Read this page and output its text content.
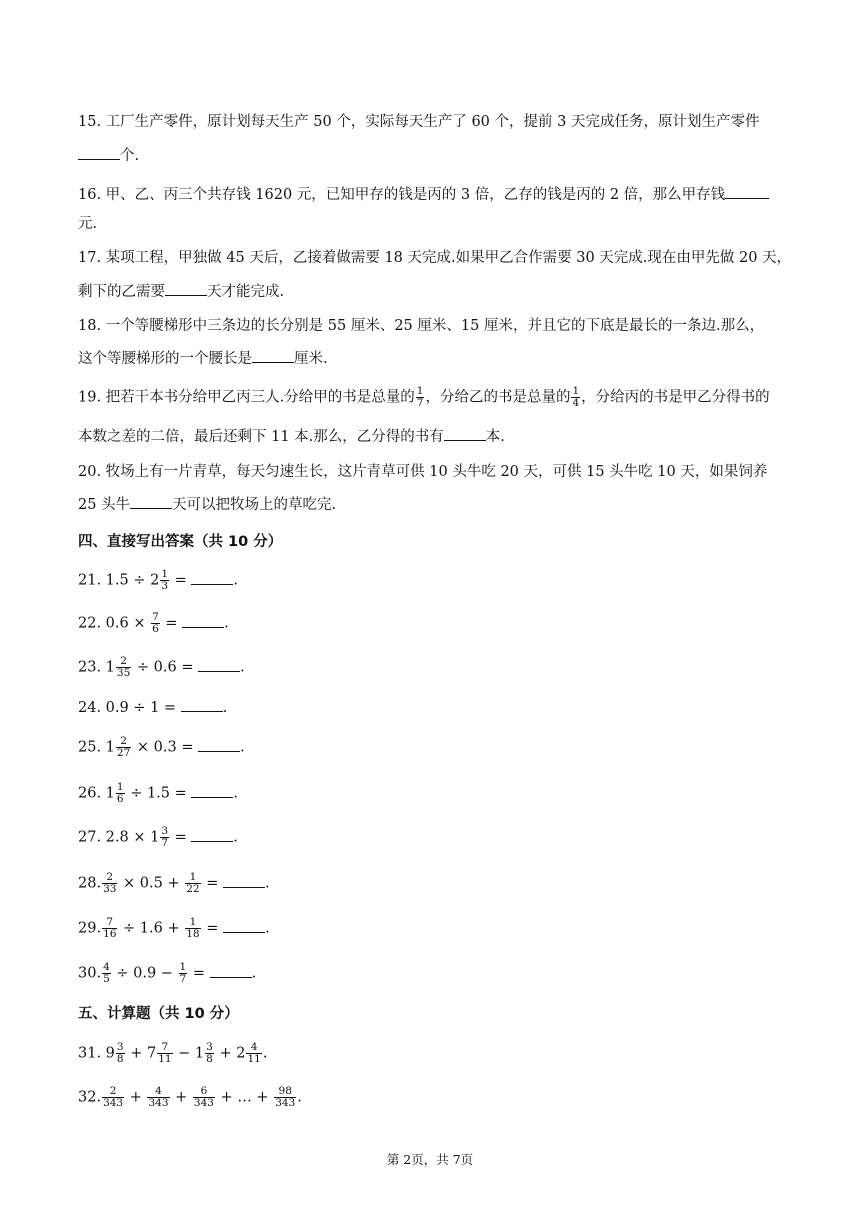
15. 工厂生产零件，原计划每天生产 50 个，实际每天生产了 60 个，提前 3 天完成任务，原计划生产零件
个.
16. 甲、乙、丙三个共存钱 1620 元，已知甲存的钱是丙的 3 倍，乙存的钱是丙的 2 倍，那么甲存钱
元.
17. 某项工程，甲独做 45 天后，乙接着做需要 18 天完成.如果甲乙合作需要 30 天完成.现在由甲先做 20 天，
剩下的乙需要	天才能完成.
18. 一个等腰梯形中三条边的长分别是 55 厘米、25 厘米、15 厘米，并且它的下底是最长的一条边.那么，
这个等腰梯形的一个腰长是	厘米.
19. 把若干本书分给甲乙丙三人.分给甲的书是总量的 $\frac{1}{7}$ ，分给乙的书是总量的 $\frac{1}{4}$ ，分给丙的书是甲乙分得书的
本数之差的二倍，最后还剩下 11 本.那么，乙分得的书有	本.
20. 牧场上有一片青草，每天匀速生长，这片青草可供 10 头牛吃 20 天，可供 15 头牛吃 10 天，如果饲养
25 头牛	天可以把牧场上的草吃完.
四、直接写出答案（共 10 分）
21. $1.5 \div 2 \frac{1}{3}$ =	.
22. $0.6 \times \frac{7}{6}$ =	.
23. $1 \frac{2}{35} \div 0.6$ =	.
24. 0.9 ÷ 1 =	.
25. $1 \frac{2}{27} \times 0.3$ =	.
26. $1 \frac{1}{6} \div 1.5$ =	.
27. $2.8 \times 1 \frac{3}{7}$ =	.
28. $\frac{2}{33} \times 0.5 + \frac{1}{22}$ =	.
29. $\frac{7}{16} \div 1.6 + \frac{1}{18}$ =	.
30. $\frac{4}{5} \div 0.9 - \frac{1}{7}$ =	.
五、计算题（共 10 分）
31. $9 \frac{3}{8} + 7 \frac{7}{11} - 1 \frac{3}{8} + 2 \frac{4}{11}$ .
32. $\frac{2}{343} + \frac{4}{343} + \frac{6}{343}$ + … + $\frac{98}{343}$ .
第 2页，共 7页
